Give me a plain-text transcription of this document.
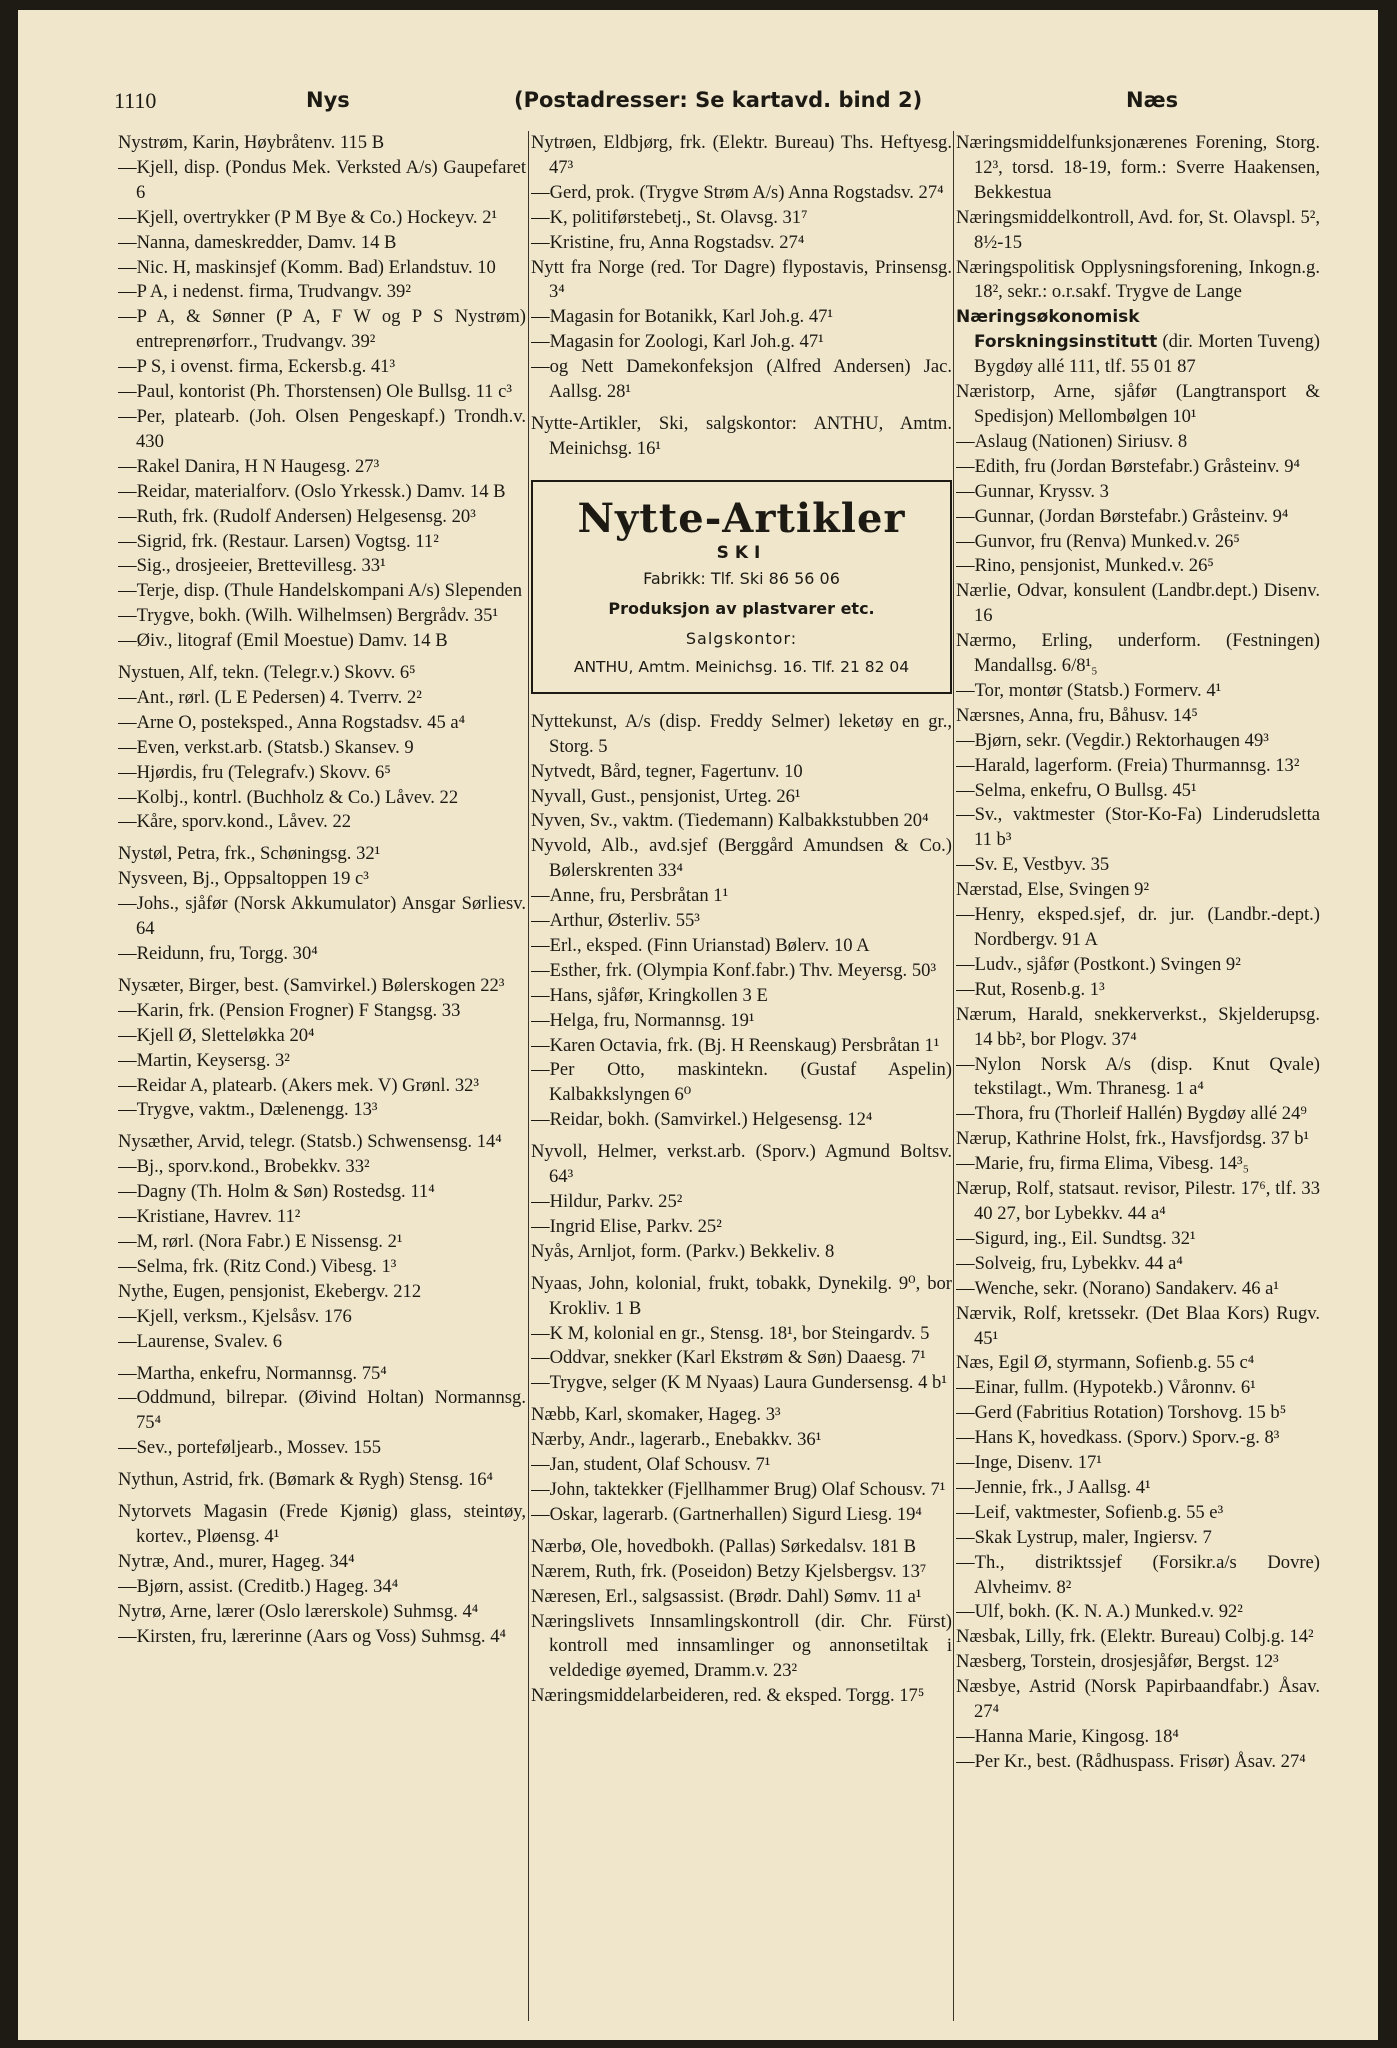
1110	Nys	(Postadresser: Se kartavd. bind 2)	Næs
Nystrøm, Karin, Høybråtenv. 115 B
—Kjell, disp. (Pondus Mek. Verksted A/s) Gaupefaret 6
—Kjell, overtrykker (P M Bye & Co.) Hockeyv. 2¹
—Nanna, dameskredder, Damv. 14 B
—Nic. H, maskinsjef (Komm. Bad) Erlandstuv. 10
—P A, i nedenst. firma, Trudvangv. 39²
—P A, & Sønner (P A, F W og P S Nystrøm) entreprenørforr., Trudvangv. 39²
—P S, i ovenst. firma, Eckersb.g. 41³
—Paul, kontorist (Ph. Thorstensen) Ole Bullsg. 11 c³
—Per, platearb. (Joh. Olsen Pengeskapf.) Trondh.v. 430
—Rakel Danira, H N Haugesg. 27³
—Reidar, materialforv. (Oslo Yrkessk.) Damv. 14 B
—Ruth, frk. (Rudolf Andersen) Helgesensg. 20³
—Sigrid, frk. (Restaur. Larsen) Vogtsg. 11²
—Sig., drosjeeier, Brettevillesg. 33¹
—Terje, disp. (Thule Handelskompani A/s) Slependen
—Trygve, bokh. (Wilh. Wilhelmsen) Bergrådv. 35¹
—Øiv., litograf (Emil Moestue) Damv. 14 B
Nystuen, Alf, tekn. (Telegr.v.) Skovv. 6⁵
—Ant., rørl. (L E Pedersen) 4. Tverrv. 2²
—Arne O, posteksped., Anna Rogstadsv. 45 a⁴
—Even, verkst.arb. (Statsb.) Skansev. 9
—Hjørdis, fru (Telegrafv.) Skovv. 6⁵
—Kolbj., kontrl. (Buchholz & Co.) Låvev. 22
—Kåre, sporv.kond., Låvev. 22
Nystøl, Petra, frk., Schøningsg. 32¹
Nysveen, Bj., Oppsaltoppen 19 c³
—Johs., sjåfør (Norsk Akkumulator) Ansgar Sørliesv. 64
—Reidunn, fru, Torgg. 30⁴
Nysæter, Birger, best. (Samvirkel.) Bølerskogen 22³
—Karin, frk. (Pension Frogner) F Stangsg. 33
—Kjell Ø, Sletteløkka 20⁴
—Martin, Keysersg. 3²
—Reidar A, platearb. (Akers mek. V) Grønl. 32³
—Trygve, vaktm., Dælenengg. 13³
Nysæther, Arvid, telegr. (Statsb.) Schwensensg. 14⁴
—Bj., sporv.kond., Brobekkv. 33²
—Dagny (Th. Holm & Søn) Rostedsg. 11⁴
—Kristiane, Havrev. 11²
—M, rørl. (Nora Fabr.) E Nissensg. 2¹
—Selma, frk. (Ritz Cond.) Vibesg. 1³
Nythe, Eugen, pensjonist, Ekebergv. 212
—Kjell, verksm., Kjelsåsv. 176
—Laurense, Svalev. 6
—Martha, enkefru, Normannsg. 75⁴
—Oddmund, bilrepar. (Øivind Holtan) Normannsg. 75⁴
—Sev., porteføljearb., Mossev. 155
Nythun, Astrid, frk. (Bømark & Rygh) Stensg. 16⁴
Nytorvets Magasin (Frede Kjønig) glass, steintøy, kortev., Pløensg. 4¹
Nytræ, And., murer, Hageg. 34⁴
—Bjørn, assist. (Creditb.) Hageg. 34⁴
Nytrø, Arne, lærer (Oslo lærerskole) Suhmsg. 4⁴
—Kirsten, fru, lærerinne (Aars og Voss) Suhmsg. 4⁴
Nytrøen, Eldbjørg, frk. (Elektr. Bureau) Ths. Heftyesg. 47³
—Gerd, prok. (Trygve Strøm A/s) Anna Rogstadsv. 27⁴
—K, politiførstebetj., St. Olavsg. 31⁷
—Kristine, fru, Anna Rogstadsv. 27⁴
Nytt fra Norge (red. Tor Dagre) flypostavis, Prinsensg. 3⁴
—Magasin for Botanikk, Karl Joh.g. 47¹
—Magasin for Zoologi, Karl Joh.g. 47¹
—og Nett Damekonfeksjon (Alfred Andersen) Jac. Aallsg. 28¹
Nytte-Artikler, Ski, salgskontor: ANTHU, Amtm. Meinichsg. 16¹
Nytte-Artikler
SKI
Fabrikk: Tlf. Ski 86 56 06
Produksjon av plastvarer etc.
Salgskontor:
ANTHU, Amtm. Meinichsg. 16. Tlf. 21 82 04
Nyttekunst, A/s (disp. Freddy Selmer) leketøy en gr., Storg. 5
Nytvedt, Bård, tegner, Fagertunv. 10
Nyvall, Gust., pensjonist, Urteg. 26¹
Nyven, Sv., vaktm. (Tiedemann) Kalbakkstubben 20⁴
Nyvold, Alb., avd.sjef (Berggård Amundsen & Co.) Bølerskrenten 33⁴
—Anne, fru, Persbråtan 1¹
—Arthur, Østerliv. 55³
—Erl., eksped. (Finn Urianstad) Bølerv. 10 A
—Esther, frk. (Olympia Konf.fabr.) Thv. Meyersg. 50³
—Hans, sjåfør, Kringkollen 3 E
—Helga, fru, Normannsg. 19¹
—Karen Octavia, frk. (Bj. H Reenskaug) Persbråtan 1¹
—Per Otto, maskintekn. (Gustaf Aspelin) Kalbakkslyngen 6⁰
—Reidar, bokh. (Samvirkel.) Helgesensg. 12⁴
Nyvoll, Helmer, verkst.arb. (Sporv.) Agmund Boltsv. 64³
—Hildur, Parkv. 25²
—Ingrid Elise, Parkv. 25²
Nyås, Arnljot, form. (Parkv.) Bekkeliv. 8
Nyaas, John, kolonial, frukt, tobakk, Dynekilg. 9⁰, bor Krokliv. 1 B
—K M, kolonial en gr., Stensg. 18¹, bor Steingardv. 5
—Oddvar, snekker (Karl Ekstrøm & Søn) Daaesg. 7¹
—Trygve, selger (K M Nyaas) Laura Gundersensg. 4 b¹
Næbb, Karl, skomaker, Hageg. 3³
Nærby, Andr., lagerarb., Enebakkv. 36¹
—Jan, student, Olaf Schousv. 7¹
—John, taktekker (Fjellhammer Brug) Olaf Schousv. 7¹
—Oskar, lagerarb. (Gartnerhallen) Sigurd Liesg. 19⁴
Nærbø, Ole, hovedbokh. (Pallas) Sørkedalsv. 181 B
Nærem, Ruth, frk. (Poseidon) Betzy Kjelsbergsv. 13⁷
Næresen, Erl., salgsassist. (Brødr. Dahl) Sømv. 11 a¹
Næringslivets Innsamlingskontroll (dir. Chr. Fürst) kontroll med innsamlinger og annonsetiltak i veldedige øyemed, Dramm.v. 23²
Næringsmiddelarbeideren, red. & eksped. Torgg. 17⁵
Næringsmiddelfunksjonærenes Forening, Storg. 12³, torsd. 18-19, form.: Sverre Haakensen, Bekkestua
Næringsmiddelkontroll, Avd. for, St. Olavspl. 5², 8½-15
Næringspolitisk Opplysningsforening, Inkogn.g. 18², sekr.: o.r.sakf. Trygve de Lange
Næringsøkonomisk Forskningsinstitutt (dir. Morten Tuveng) Bygdøy allé 111, tlf. 55 01 87
Næristorp, Arne, sjåfør (Langtransport & Spedisjon) Mellombølgen 10¹
—Aslaug (Nationen) Siriusv. 8
—Edith, fru (Jordan Børstefabr.) Gråsteinv. 9⁴
—Gunnar, Kryssv. 3
—Gunnar, (Jordan Børstefabr.) Gråsteinv. 9⁴
—Gunvor, fru (Renva) Munked.v. 26⁵
—Rino, pensjonist, Munked.v. 26⁵
Nærlie, Odvar, konsulent (Landbr.dept.) Disenv. 16
Nærmo, Erling, underform. (Festningen) Mandallsg. 6/8¹₅
—Tor, montør (Statsb.) Formerv. 4¹
Nærsnes, Anna, fru, Båhusv. 14⁵
—Bjørn, sekr. (Vegdir.) Rektorhaugen 49³
—Harald, lagerform. (Freia) Thurmannsg. 13²
—Selma, enkefru, O Bullsg. 45¹
—Sv., vaktmester (Stor-Ko-Fa) Linderudsletta 11 b³
—Sv. E, Vestbyv. 35
Nærstad, Else, Svingen 9²
—Henry, eksped.sjef, dr. jur. (Landbr.-dept.) Nordbergv. 91 A
—Ludv., sjåfør (Postkont.) Svingen 9²
—Rut, Rosenb.g. 1³
Nærum, Harald, snekkerverkst., Skjelderupsg. 14 bb², bor Plogv. 37⁴
—Nylon Norsk A/s (disp. Knut Qvale) tekstilagt., Wm. Thranesg. 1 a⁴
—Thora, fru (Thorleif Hallén) Bygdøy allé 24⁹
Nærup, Kathrine Holst, frk., Havsfjordsg. 37 b¹
—Marie, fru, firma Elima, Vibesg. 14³₅
Nærup, Rolf, statsaut. revisor, Pilestr. 17⁶, tlf. 33 40 27, bor Lybekkv. 44 a⁴
—Sigurd, ing., Eil. Sundtsg. 32¹
—Solveig, fru, Lybekkv. 44 a⁴
—Wenche, sekr. (Norano) Sandakerv. 46 a¹
Nærvik, Rolf, kretssekr. (Det Blaa Kors) Rugv. 45¹
Næs, Egil Ø, styrmann, Sofienb.g. 55 c⁴
—Einar, fullm. (Hypotekb.) Våronnv. 6¹
—Gerd (Fabritius Rotation) Torshovg. 15 b⁵
—Hans K, hovedkass. (Sporv.) Sporv.-g. 8³
—Inge, Disenv. 17¹
—Jennie, frk., J Aallsg. 4¹
—Leif, vaktmester, Sofienb.g. 55 e³
—Skak Lystrup, maler, Ingiersv. 7
—Th., distriktssjef (Forsikr.a/s Dovre) Alvheimv. 8²
—Ulf, bokh. (K. N. A.) Munked.v. 92²
Næsbak, Lilly, frk. (Elektr. Bureau) Colbj.g. 14²
Næsberg, Torstein, drosjesjåfør, Bergst. 12³
Næsbye, Astrid (Norsk Papirbaandfabr.) Åsav. 27⁴
—Hanna Marie, Kingosg. 18⁴
—Per Kr., best. (Rådhuspass. Frisør) Åsav. 27⁴
